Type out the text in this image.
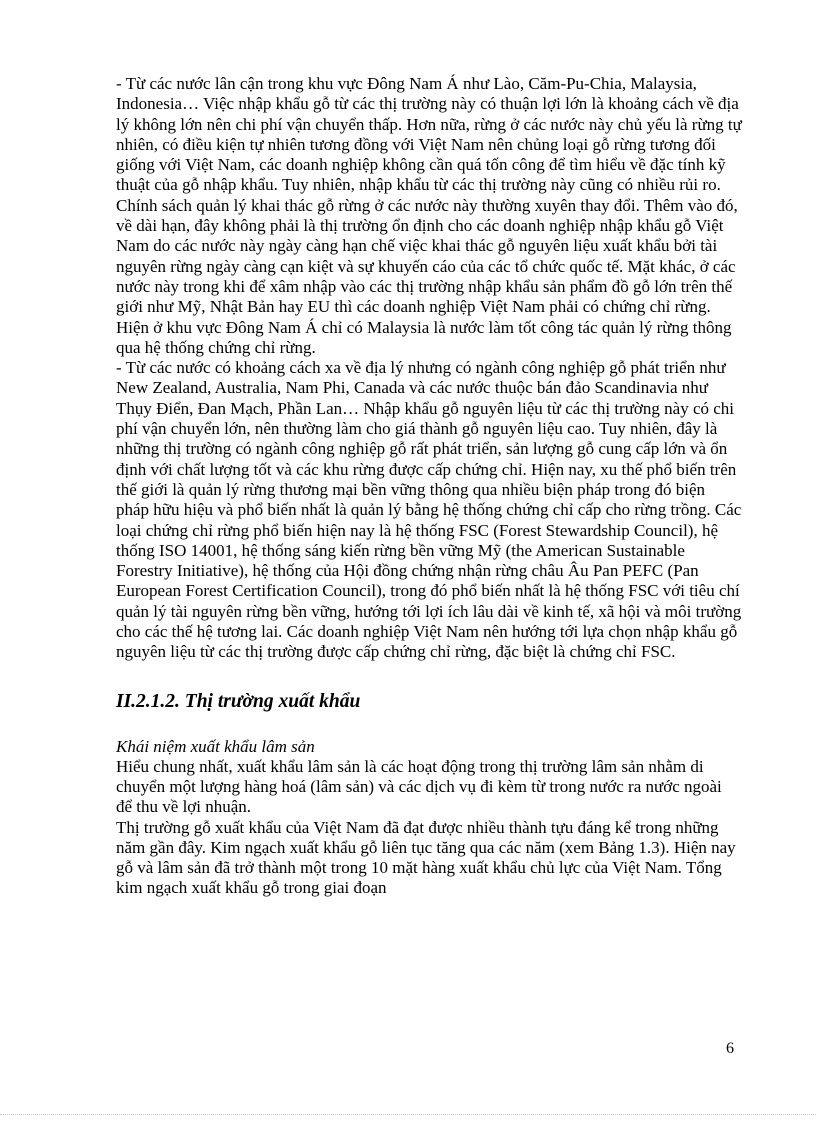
- Từ các nước lân cận trong khu vực Đông Nam Á như Lào, Căm-Pu-Chia, Malaysia, Indonesia… Việc nhập khẩu gỗ từ các thị trường này có thuận lợi lớn là khoảng cách về địa lý không lớn nên chi phí vận chuyển thấp. Hơn nữa, rừng ở các nước này chủ yếu là rừng tự nhiên, có điều kiện tự nhiên tương đồng với Việt Nam nên chủng loại gỗ rừng tương đối giống với Việt Nam, các doanh nghiệp không cần quá tốn công để tìm hiểu về đặc tính kỹ thuật của gỗ nhập khẩu. Tuy nhiên, nhập khẩu từ các thị trường này cũng có nhiều rủi ro. Chính sách quản lý khai thác gỗ rừng ở các nước này thường xuyên thay đổi. Thêm vào đó, về dài hạn, đây không phải là thị trường ổn định cho các doanh nghiệp nhập khẩu gỗ Việt Nam do các nước này ngày càng hạn chế việc khai thác gỗ nguyên liệu xuất khẩu bởi tài nguyên rừng ngày càng cạn kiệt và sự khuyến cáo của các tổ chức quốc tế. Mặt khác, ở các nước này trong khi để xâm nhập vào các thị trường nhập khẩu sản phẩm đồ gỗ lớn trên thế giới như Mỹ, Nhật Bản hay EU thì các doanh nghiệp Việt Nam phải có chứng chỉ rừng. Hiện ở khu vực Đông Nam Á chỉ có Malaysia là nước làm tốt công tác quản lý rừng thông qua hệ thống chứng chỉ rừng.

- Từ các nước có khoảng cách xa về địa lý nhưng có ngành công nghiệp gỗ phát triển như New Zealand, Australia, Nam Phi, Canada và các nước thuộc bán đảo Scandinavia như Thụy Điển, Đan Mạch, Phần Lan… Nhập khẩu gỗ nguyên liệu từ các thị trường này có chi phí vận chuyển lớn, nên thường làm cho giá thành gỗ nguyên liệu cao. Tuy nhiên, đây là những thị trường có ngành công nghiệp gỗ rất phát triển, sản lượng gỗ cung cấp lớn và ổn định với chất lượng tốt và các khu rừng được cấp chứng chỉ. Hiện nay, xu thế phổ biến trên thế giới là quản lý rừng thương mại bền vững thông qua nhiều biện pháp trong đó biện pháp hữu hiệu và phổ biến nhất là quản lý bằng hệ thống chứng chỉ cấp cho rừng trồng. Các loại chứng chỉ rừng phổ biến hiện nay là hệ thống FSC (Forest Stewardship Council), hệ thống ISO 14001, hệ thống sáng kiến rừng bền vững Mỹ (the American Sustainable Forestry Initiative), hệ thống của Hội đồng chứng nhận rừng châu Âu Pan PEFC (Pan European Forest Certification Council), trong đó phổ biến nhất là hệ thống FSC với tiêu chí quản lý tài nguyên rừng bền vững, hướng tới lợi ích lâu dài về kinh tế, xã hội và môi trường cho các thế hệ tương lai. Các doanh nghiệp Việt Nam nên hướng tới lựa chọn nhập khẩu gỗ nguyên liệu từ các thị trường được cấp chứng chỉ rừng, đặc biệt là chứng chỉ FSC.

II.2.1.2. Thị trường xuất khẩu
Khái niệm xuất khẩu lâm sản

Hiểu chung nhất, xuất khẩu lâm sản là các hoạt động trong thị trường lâm sản nhằm di chuyển một lượng hàng hoá (lâm sản) và các dịch vụ đi kèm từ trong nước ra nước ngoài để thu về lợi nhuận.

Thị trường gỗ xuất khẩu của Việt Nam đã đạt được nhiều thành tựu đáng kể trong những năm gần đây. Kim ngạch xuất khẩu gỗ liên tục tăng qua các năm (xem Bảng 1.3). Hiện nay gỗ và lâm sản đã trở thành một trong 10 mặt hàng xuất khẩu chủ lực của Việt Nam. Tổng kim ngạch xuất khẩu gỗ trong giai đoạn

6
